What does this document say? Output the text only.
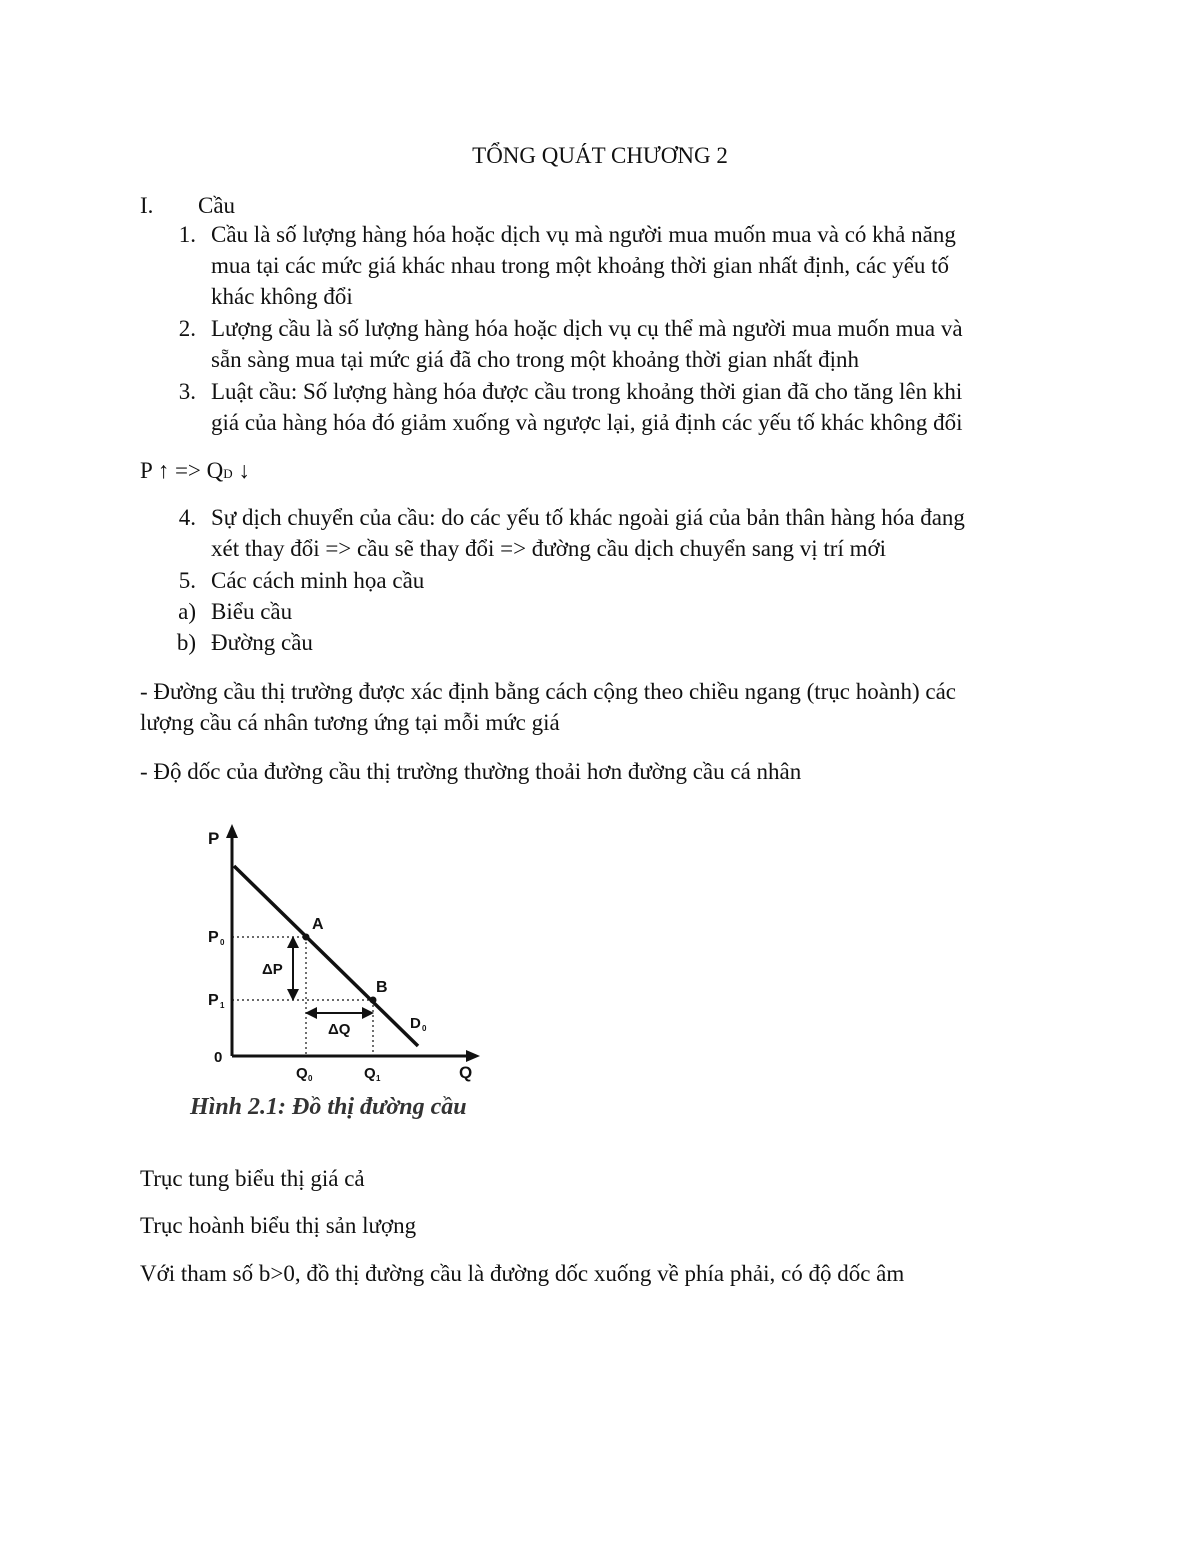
TỔNG QUÁT CHƯƠNG 2
I. Cầu
1. Cầu là số lượng hàng hóa hoặc dịch vụ mà người mua muốn mua và có khả năng
mua tại các mức giá khác nhau trong một khoảng thời gian nhất định, các yếu tố
khác không đổi
2. Lượng cầu là số lượng hàng hóa hoặc dịch vụ cụ thể mà người mua muốn mua và
sẵn sàng mua tại mức giá đã cho trong một khoảng thời gian nhất định
3. Luật cầu: Số lượng hàng hóa được cầu trong khoảng thời gian đã cho tăng lên khi
giá của hàng hóa đó giảm xuống và ngược lại, giả định các yếu tố khác không đổi
P ↑ => QD ↓
4. Sự dịch chuyển của cầu: do các yếu tố khác ngoài giá của bản thân hàng hóa đang
xét thay đổi => cầu sẽ thay đổi => đường cầu dịch chuyển sang vị trí mới
5. Các cách minh họa cầu
a) Biểu cầu
b) Đường cầu
- Đường cầu thị trường được xác định bằng cách cộng theo chiều ngang (trục hoành) các
lượng cầu cá nhân tương ứng tại mỗi mức giá
- Độ dốc của đường cầu thị trường thường thoải hơn đường cầu cá nhân
P
Q
0
P 0
P 1
Q 0	Q 1
A
B
ΔP
ΔQ	D 0
Hình 2.1: Đồ thị đường cầu
Trục tung biểu thị giá cả
Trục hoành biểu thị sản lượng
Với tham số b>0, đồ thị đường cầu là đường dốc xuống về phía phải, có độ dốc âm
